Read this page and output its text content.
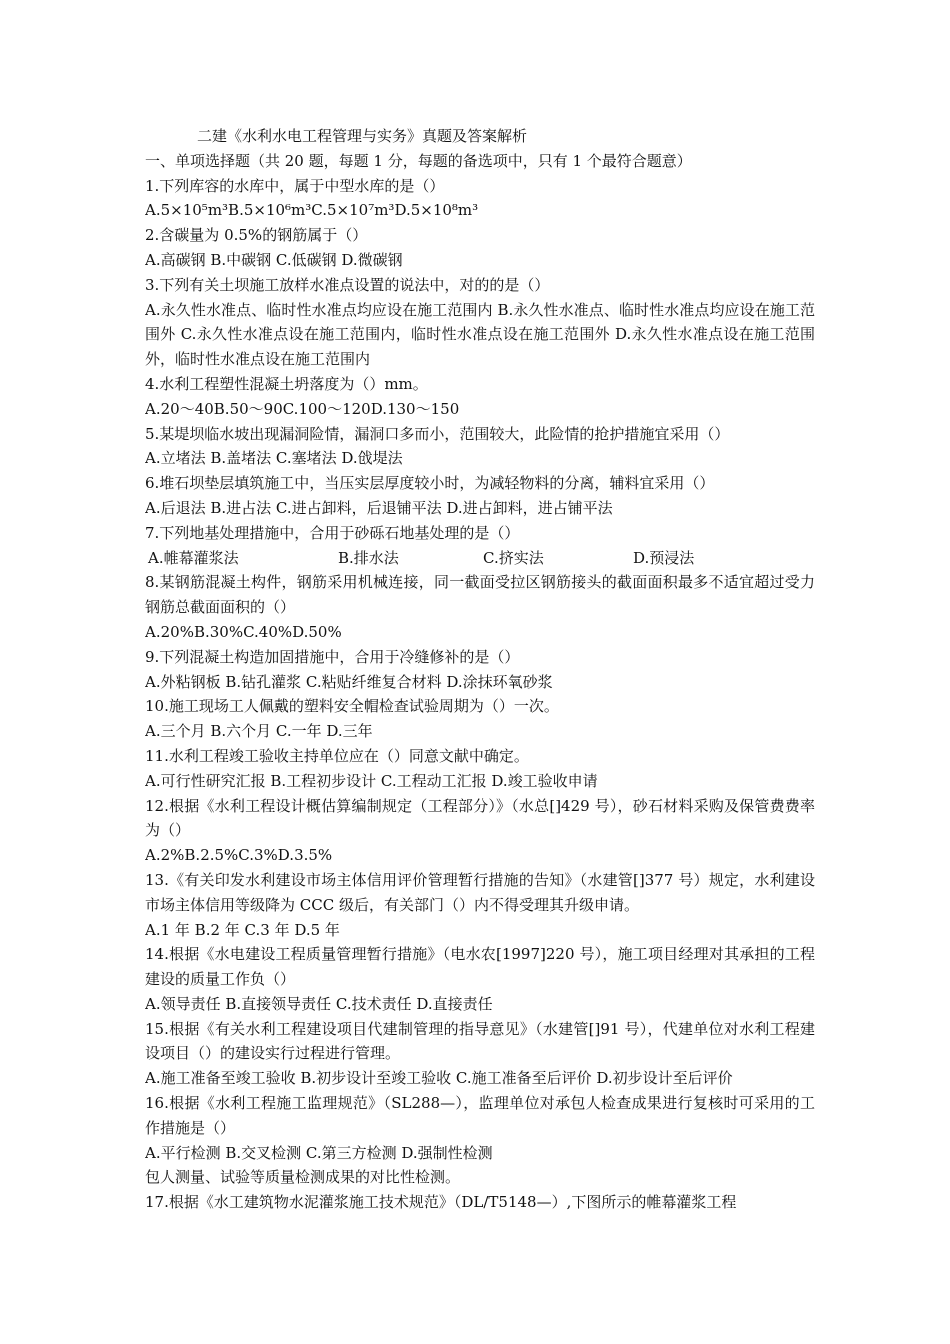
二建《水利水电工程管理与实务》真题及答案解析
一、单项选择题（共 20 题，每题 1 分，每题的备选项中，只有 1 个最符合题意）
1.下列库容的水库中，属于中型水库的是（）
A.5×10⁵m³B.5×10⁶m³C.5×10⁷m³D.5×10⁸m³
2.含碳量为 0.5%的钢筋属于（）
A.高碳钢 B.中碳钢 C.低碳钢 D.微碳钢
3.下列有关土坝施工放样水准点设置的说法中，对的的是（）
A.永久性水准点、临时性水准点均应设在施工范围内 B.永久性水准点、临时性水准点均应设在施工范围外 C.永久性水准点设在施工范围内，临时性水准点设在施工范围外 D.永久性水准点设在施工范围外，临时性水准点设在施工范围内
4.水利工程塑性混凝土坍落度为（）mm。
A.20～40B.50～90C.100～120D.130～150
5.某堤坝临水坡出现漏洞险情，漏洞口多而小，范围较大，此险情的抢护措施宜采用（）
A.立堵法 B.盖堵法 C.塞堵法 D.戗堤法
6.堆石坝垫层填筑施工中，当压实层厚度较小时，为减轻物料的分离，辅料宜采用（）
A.后退法 B.进占法 C.进占卸料，后退铺平法 D.进占卸料，进占铺平法
7.下列地基处理措施中，合用于砂砾石地基处理的是（）
A.帷幕灌浆法	B.排水法	C.挤实法	D.预浸法
8.某钢筋混凝土构件，钢筋采用机械连接，同一截面受拉区钢筋接头的截面面积最多不适宜超过受力钢筋总截面面积的（）
A.20%B.30%C.40%D.50%
9.下列混凝土构造加固措施中，合用于冷缝修补的是（）
A.外粘钢板 B.钻孔灌浆 C.粘贴纤维复合材料 D.涂抹环氧砂浆
10.施工现场工人佩戴的塑料安全帽检查试验周期为（）一次。
A.三个月 B.六个月 C.一年 D.三年
11.水利工程竣工验收主持单位应在（）同意文献中确定。
A.可行性研究汇报 B.工程初步设计 C.工程动工汇报 D.竣工验收申请
12.根据《水利工程设计概估算编制规定（工程部分）》（水总[]429 号），砂石材料采购及保管费费率为（）
A.2%B.2.5%C.3%D.3.5%
13.《有关印发水利建设市场主体信用评价管理暂行措施的告知》（水建管[]377 号）规定，水利建设市场主体信用等级降为 CCC 级后，有关部门（）内不得受理其升级申请。
A.1 年 B.2 年 C.3 年 D.5 年
14.根据《水电建设工程质量管理暂行措施》（电水农[1997]220 号），施工项目经理对其承担的工程建设的质量工作负（）
A.领导责任 B.直接领导责任 C.技术责任 D.直接责任
15.根据《有关水利工程建设项目代建制管理的指导意见》（水建管[]91 号），代建单位对水利工程建设项目（）的建设实行过程进行管理。
A.施工准备至竣工验收 B.初步设计至竣工验收 C.施工准备至后评价 D.初步设计至后评价
16.根据《水利工程施工监理规范》（SL288—），监理单位对承包人检查成果进行复核时可采用的工作措施是（）
A.平行检测 B.交叉检测 C.第三方检测 D.强制性检测
包人测量、试验等质量检测成果的对比性检测。
17.根据《水工建筑物水泥灌浆施工技术规范》（DL/T5148—）,下图所示的帷幕灌浆工程
